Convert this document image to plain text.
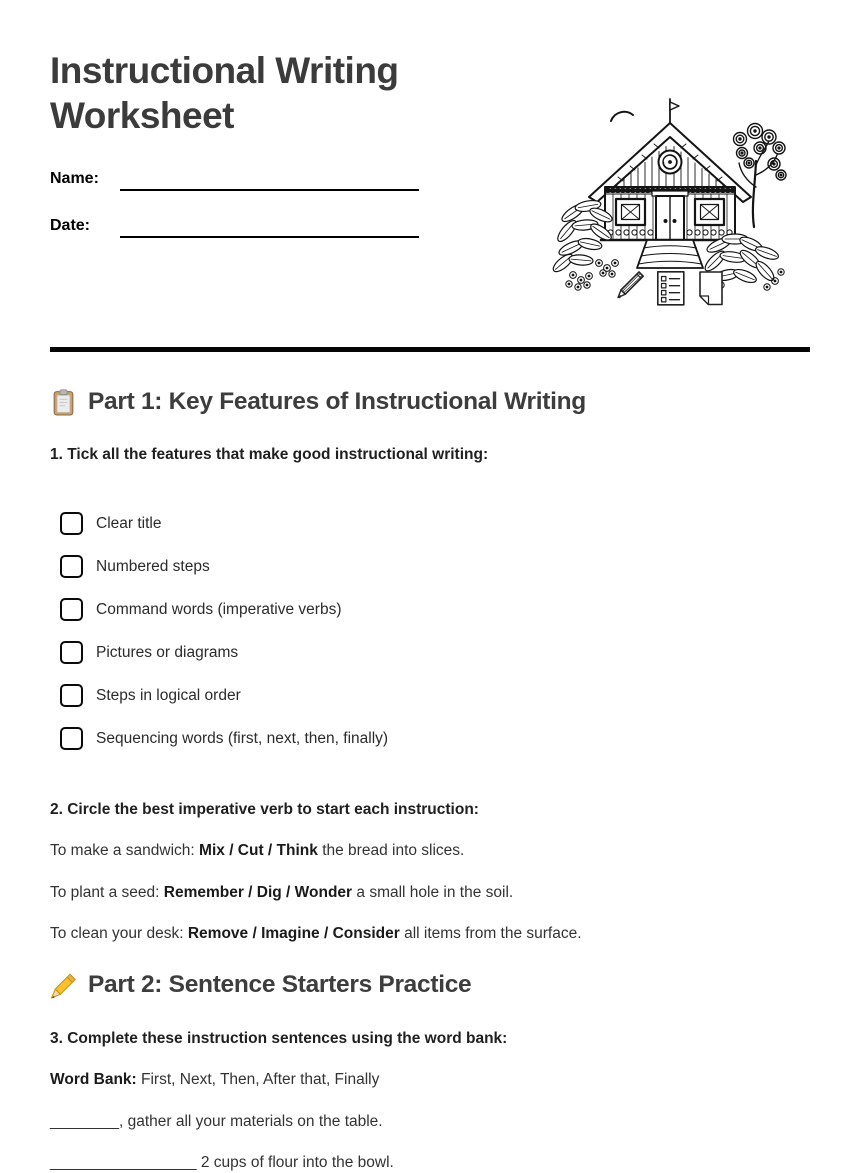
Instructional Writing Worksheet
Name:
Date:
Part 1: Key Features of Instructional Writing

1. Tick all the features that make good instructional writing:

Clear title
Numbered steps
Command words (imperative verbs)
Pictures or diagrams
Steps in logical order
Sequencing words (first, next, then, finally)

2. Circle the best imperative verb to start each instruction:

To make a sandwich: Mix / Cut / Think the bread into slices.

To plant a seed: Remember / Dig / Wonder a small hole in the soil.

To clean your desk: Remove / Imagine / Consider all items from the surface.

Part 2: Sentence Starters Practice

3. Complete these instruction sentences using the word bank:

Word Bank: First, Next, Then, After that, Finally

________, gather all your materials on the table.

_________________ 2 cups of flour into the bowl.
